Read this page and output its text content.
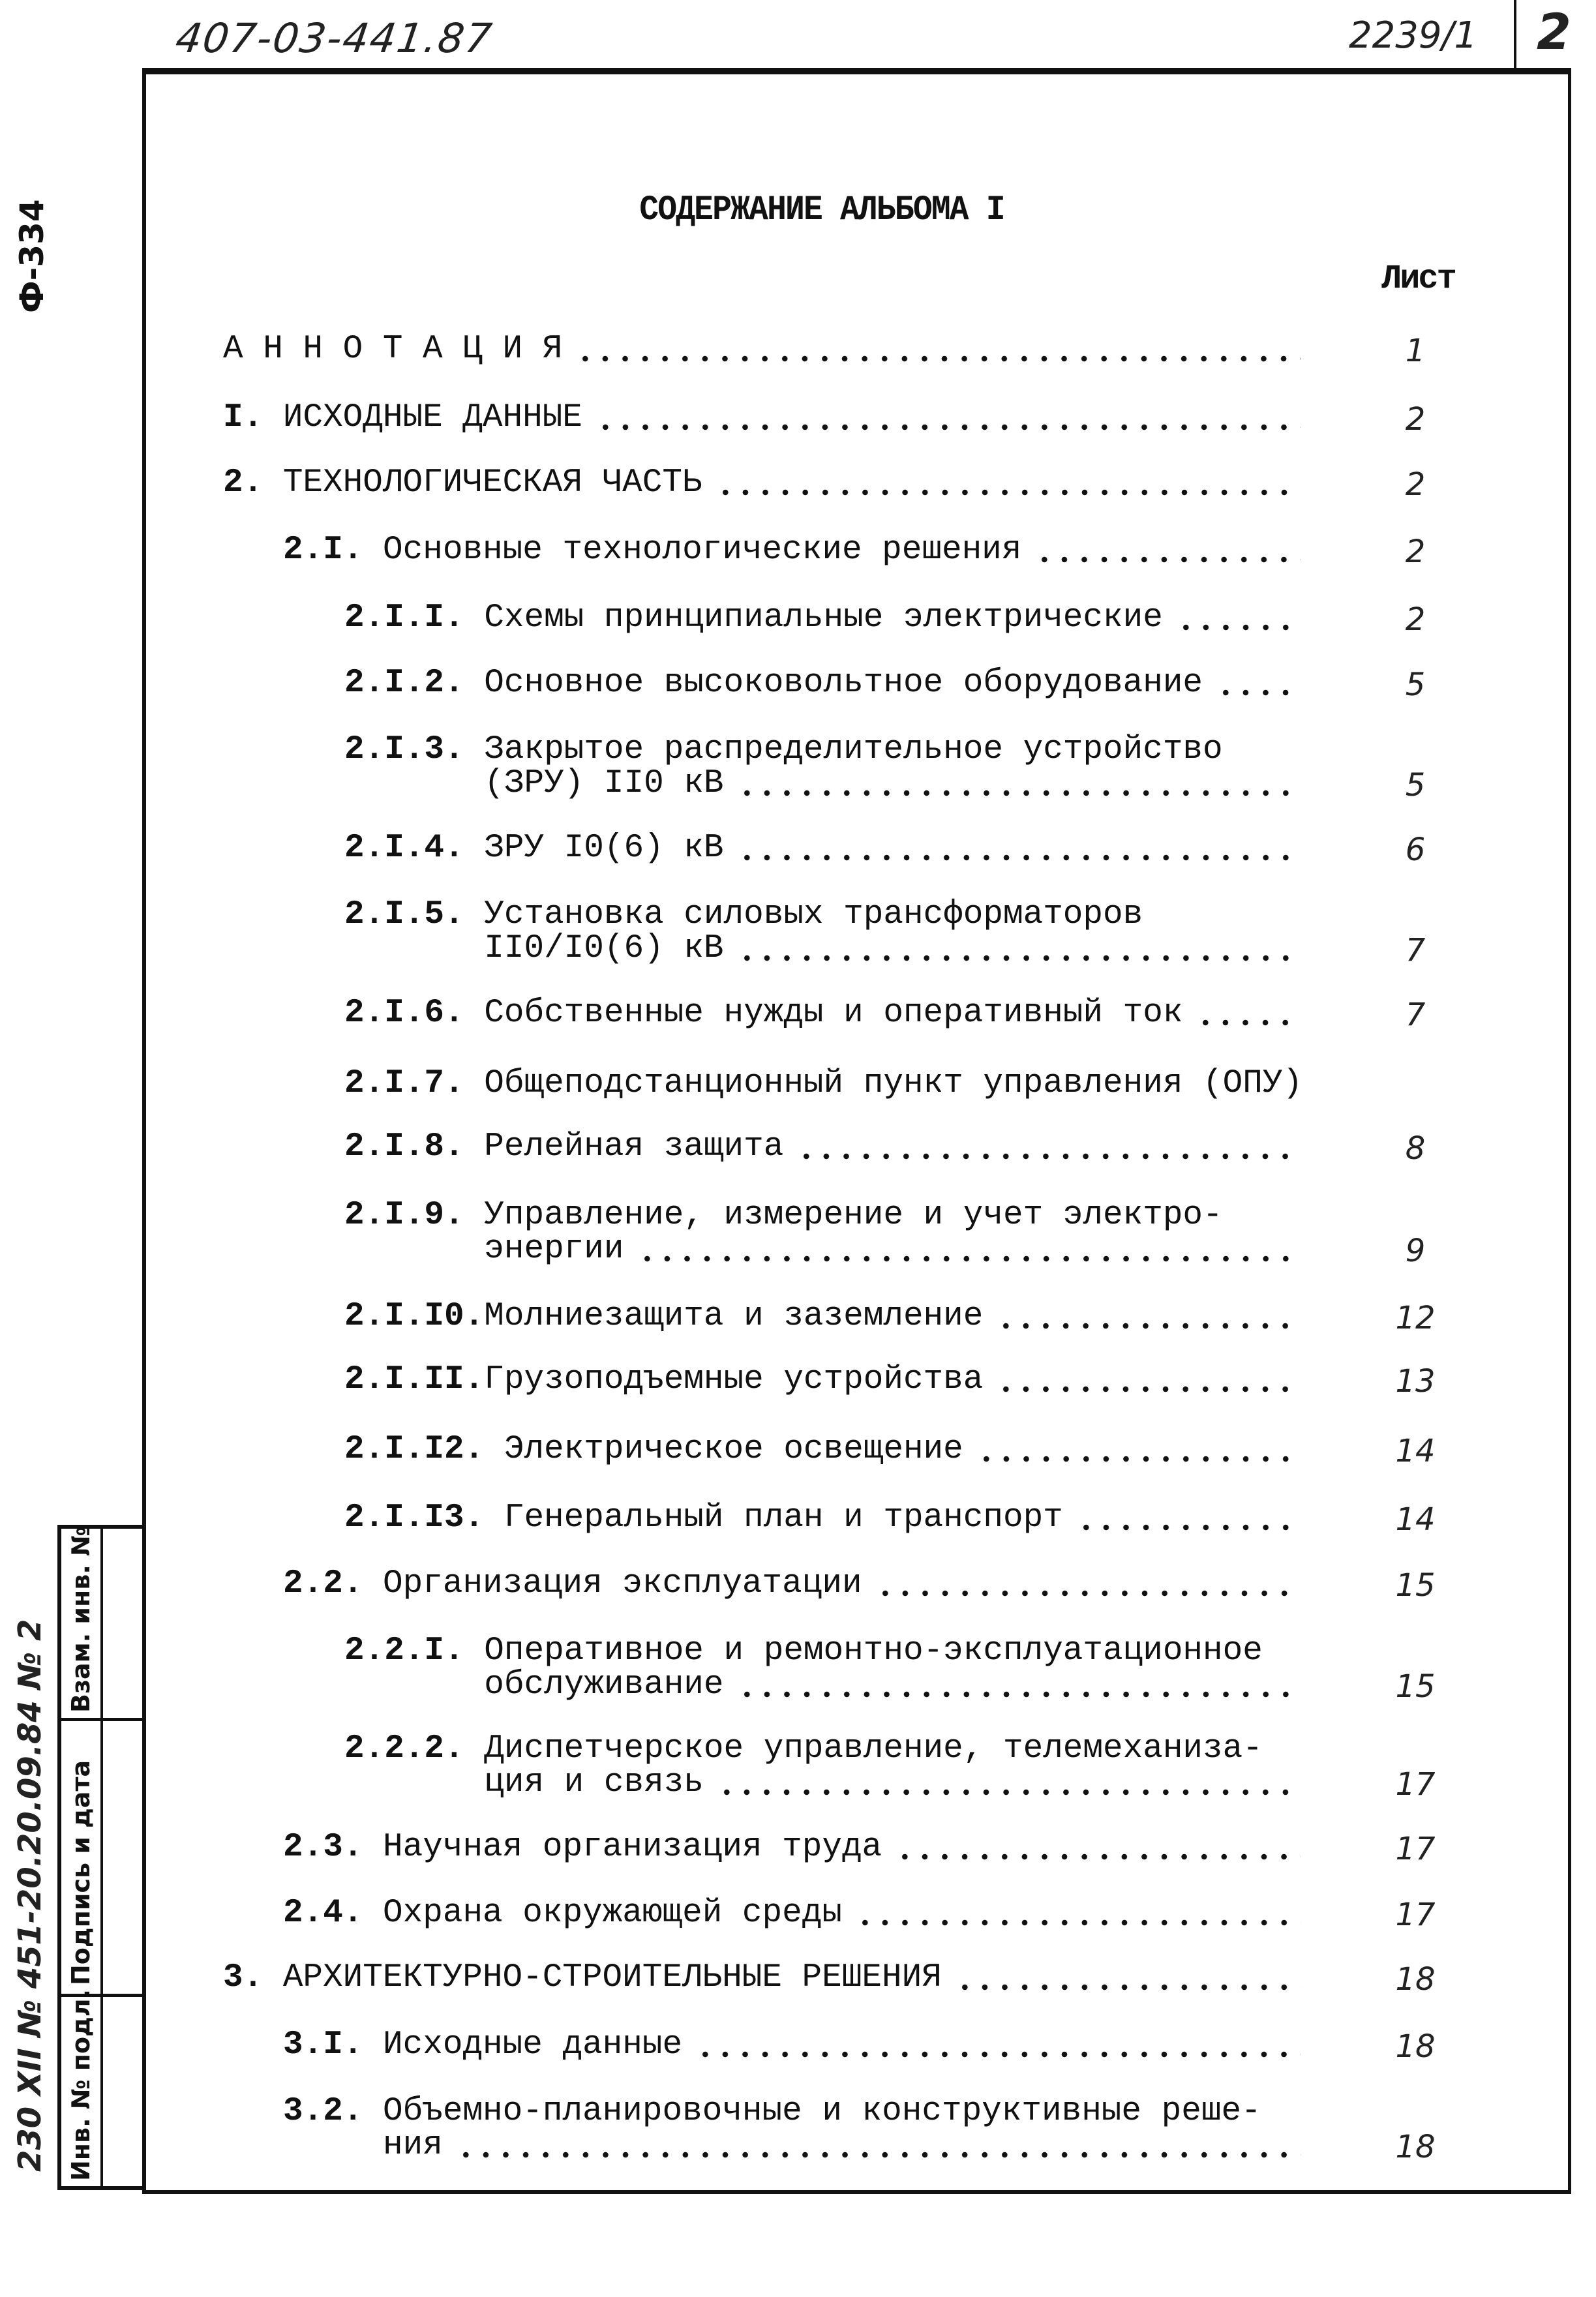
407-03-441.87	2239/1 2
Ф-334
230 XII № 451-20.20.09.84 № 2 Инв. № подл.
Подпись и дата
Взам. инв. №
СОДЕРЖАНИЕ АЛЬБОМА I
Лист
А Н Н О Т А Ц И Я	1
I. ИСХОДНЫЕ ДАННЫЕ	2
2. ТЕХНОЛОГИЧЕСКАЯ ЧАСТЬ	2
2.I. Основные технологические решения	2
2.I.I. Схемы принципиальные электрические	2
2.I.2. Основное высоковольтное оборудование	5
2.I.3. Закрытое распределительное устройство
(ЗРУ) II0 кВ	5
2.I.4. ЗРУ I0(6) кВ	6
2.I.5. Установка силовых трансформаторов
II0/I0(6) кВ	7
2.I.6. Собственные нужды и оперативный ток	7
2.I.7. Общеподстанционный пункт управления (ОПУ)
2.I.8. Релейная защита	8
2.I.9. Управление, измерение и учет электро-
энергии	9
2.I.I0. Молниезащита и заземление	12
2.I.II. Грузоподъемные устройства	13
2.I.I2. Электрическое освещение	14
2.I.I3. Генеральный план и транспорт	14
2.2. Организация эксплуатации	15
2.2.I. Оперативное и ремонтно-эксплуатационное
обслуживание	15
2.2.2. Диспетчерское управление, телемеханиза-
ция и связь	17
2.3. Научная организация труда	17
2.4. Охрана окружающей среды	17
3. АРХИТЕКТУРНО-СТРОИТЕЛЬНЫЕ РЕШЕНИЯ	18
3.I. Исходные данные	18
3.2. Объемно-планировочные и конструктивные реше-
ния	18
